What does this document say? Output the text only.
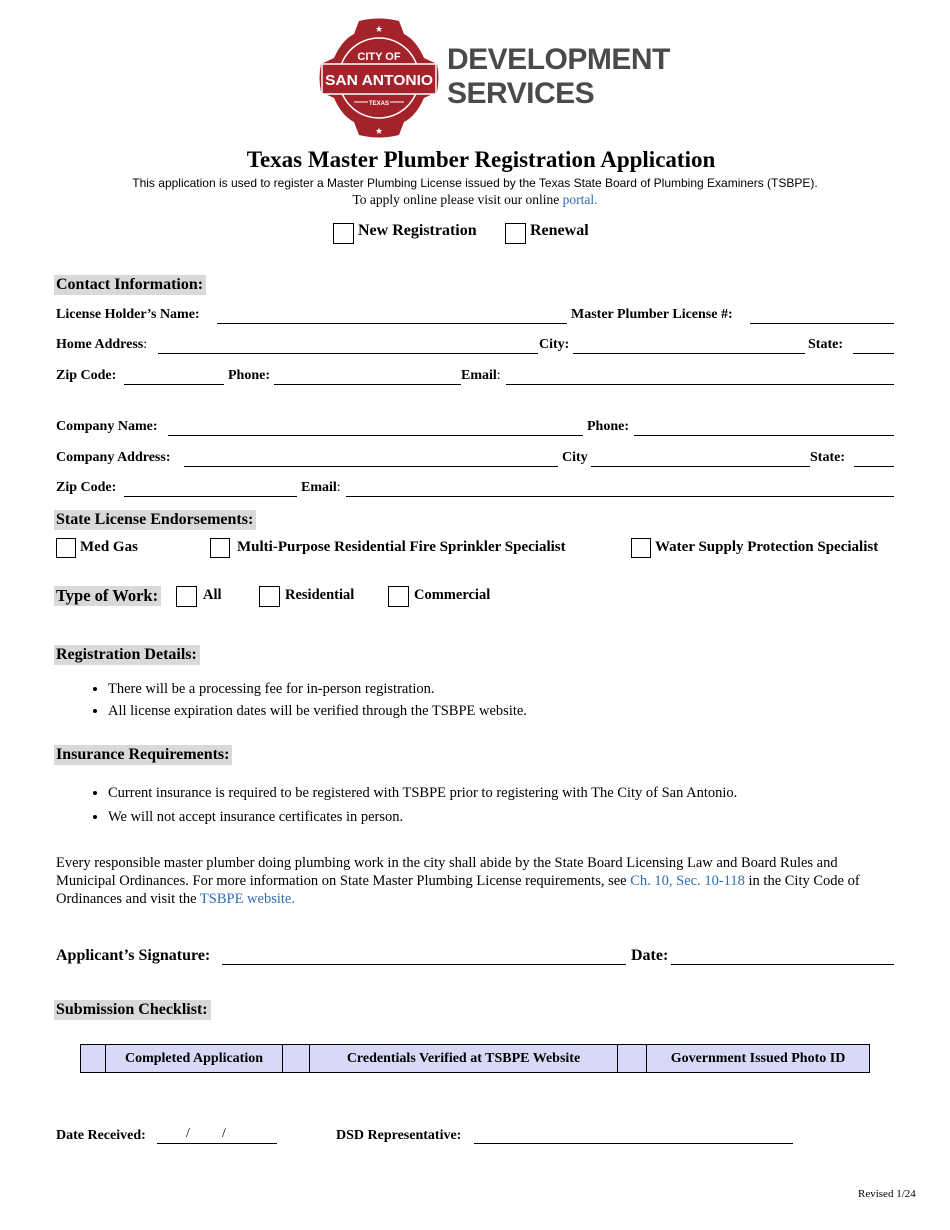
★
★
CITY OF
SAN ANTONIO
TEXAS
DEVELOPMENT
SERVICES
Texas Master Plumber Registration Application
This application is used to register a Master Plumbing License issued by the Texas State Board of Plumbing Examiners (TSBPE).
To apply online please visit our online portal.
New Registration	Renewal
Contact Information:
License Holder’s Name:	Master Plumber License #:
Home Address:	City:	State:
Zip Code:	Phone:	Email:
Company Name:	Phone:
Company Address:	City	State:
Zip Code:	Email:
State License Endorsements:
Med Gas	Multi-Purpose Residential Fire Sprinkler Specialist	Water Supply Protection Specialist
Type of Work:	All	Residential	Commercial
Registration Details:
• There will be a processing fee for in-person registration.
• All license expiration dates will be verified through the TSBPE website.
Insurance Requirements:
• Current insurance is required to be registered with TSBPE prior to registering with The City of San Antonio.
• We will not accept insurance certificates in person.
Every responsible master plumber doing plumbing work in the city shall abide by the State Board Licensing Law and Board Rules and Municipal Ordinances. For more information on State Master Plumbing License requirements, see Ch. 10, Sec. 10-118 in the City Code of Ordinances and visit the TSBPE website.
Applicant’s Signature:	Date:
Submission Checklist:
	Completed Application		Credentials Verified at TSBPE Website		Government Issued Photo ID
Date Received:	/ /	DSD Representative:
Revised 1/24
